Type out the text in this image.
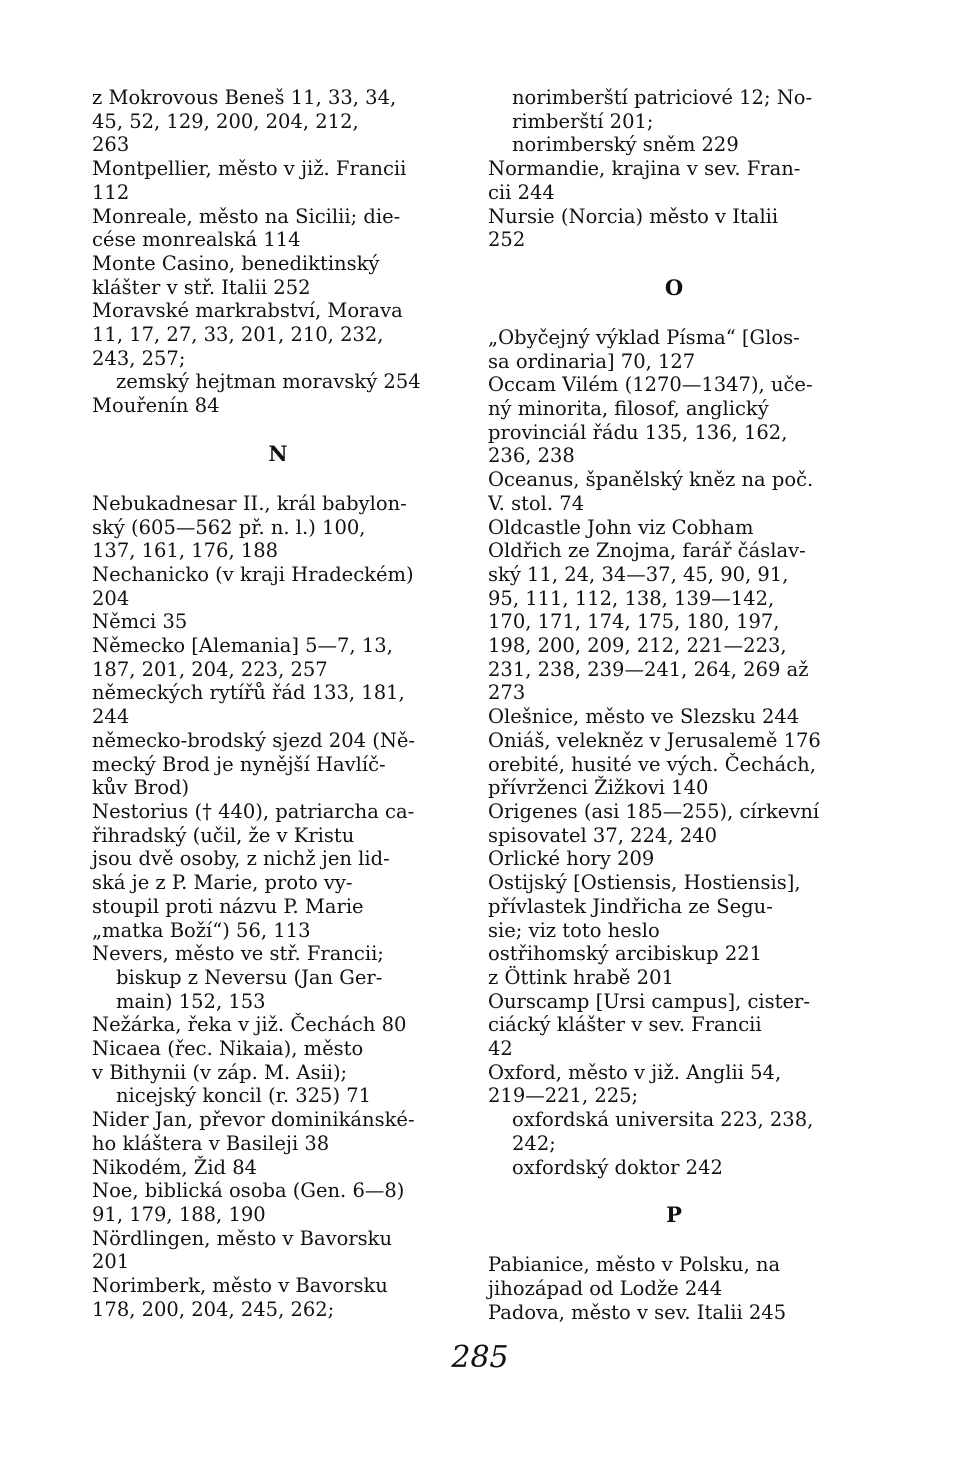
z Mokrovous Beneš 11, 33, 34,
45, 52, 129, 200, 204, 212,
263
Montpellier, město v již. Francii
112
Monreale, město na Sicilii; die-
cése monrealská 114
Monte Casino, benediktinský
klášter v stř. Italii 252
Moravské markrabství, Morava
11, 17, 27, 33, 201, 210, 232,
243, 257;
zemský hejtman moravský 254
Mouřenín 84
N
Nebukadnesar II., král babylon-
ský (605—562 př. n. l.) 100,
137, 161, 176, 188
Nechanicko (v kraji Hradeckém)
204
Němci 35
Německo [Alemania] 5—7, 13,
187, 201, 204, 223, 257
německých rytířů řád 133, 181,
244
německo-brodský sjezd 204 (Ně-
mecký Brod je nynější Havlíč-
kův Brod)
Nestorius († 440), patriarcha ca-
řihradský (učil, že v Kristu
jsou dvě osoby, z nichž jen lid-
ská je z P. Marie, proto vy-
stoupil proti názvu P. Marie
„matka Boží“) 56, 113
Nevers, město ve stř. Francii;
biskup z Neversu (Jan Ger-
main) 152, 153
Nežárka, řeka v již. Čechách 80
Nicaea (řec. Nikaia), město
v Bithynii (v záp. M. Asii);
nicejský koncil (r. 325) 71
Nider Jan, převor dominikánské-
ho kláštera v Basileji 38
Nikodém, Žid 84
Noe, biblická osoba (Gen. 6—8)
91, 179, 188, 190
Nördlingen, město v Bavorsku
201
Norimberk, město v Bavorsku
178, 200, 204, 245, 262;
norimberští patriciové 12; No-
rimberští 201;
norimberský sněm 229
Normandie, krajina v sev. Fran-
cii 244
Nursie (Norcia) město v Italii
252
O
„Obyčejný výklad Písma“ [Glos-
sa ordinaria] 70, 127
Occam Vilém (1270—1347), uče-
ný minorita, filosof, anglický
provinciál řádu 135, 136, 162,
236, 238
Oceanus, španělský kněz na poč.
V. stol. 74
Oldcastle John viz Cobham
Oldřich ze Znojma, farář čáslav-
ský 11, 24, 34—37, 45, 90, 91,
95, 111, 112, 138, 139—142,
170, 171, 174, 175, 180, 197,
198, 200, 209, 212, 221—223,
231, 238, 239—241, 264, 269 až
273
Olešnice, město ve Slezsku 244
Oniáš, velekněz v Jerusalemě 176
orebité, husité ve vých. Čechách,
přívrženci Žižkovi 140
Origenes (asi 185—255), církevní
spisovatel 37, 224, 240
Orlické hory 209
Ostijský [Ostiensis, Hostiensis],
přívlastek Jindřicha ze Segu-
sie; viz toto heslo
ostřihomský arcibiskup 221
z Öttink hrabě 201
Ourscamp [Ursi campus], cister-
ciácký klášter v sev. Francii
42
Oxford, město v již. Anglii 54,
219—221, 225;
oxfordská universita 223, 238,
242;
oxfordský doktor 242
P
Pabianice, město v Polsku, na
jihozápad od Lodže 244
Padova, město v sev. Italii 245
285
